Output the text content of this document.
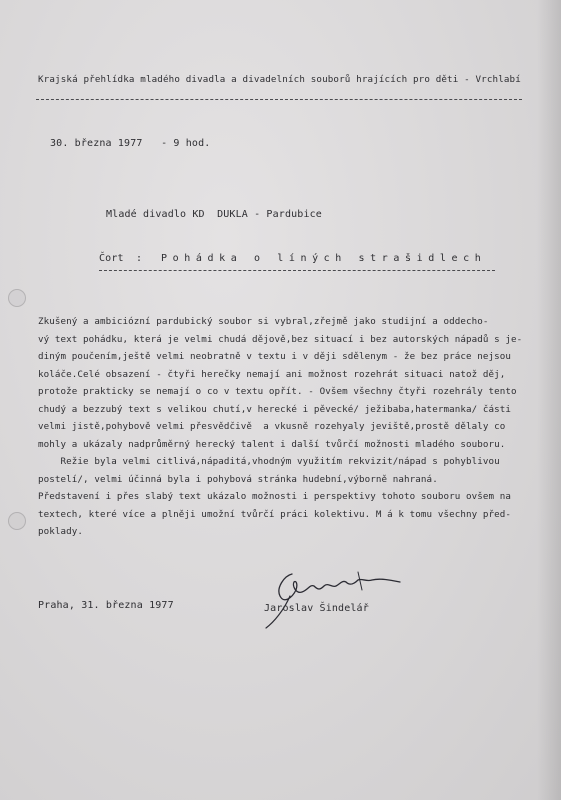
Krajská přehlídka mladého divadla a divadelních souborů hrajících pro děti - Vrchlabí
30. března 1977   - 9 hod.
Mladé divadlo KD  DUKLA - Pardubice
Čort  : Pohádka o líných strašidlech
Zkušený a ambiciózní pardubický soubor si vybral,zřejmě jako studijní a oddecho-
vý text pohádku, která je velmi chudá dějově,bez situací i bez autorských nápadů s je-
diným poučením,ještě velmi neobratně v textu i v ději sdělenym - že bez práce nejsou
koláče.Celé obsazení - čtyři herečky nemají ani možnost rozehrát situaci natož děj,
protože prakticky se nemají o co v textu opřít. - Ovšem všechny čtyři rozehrály tento
chudý a bezzubý text s velikou chutí,v herecké i pěvecké/ ježibaba,hatermanka/ části
velmi jistě,pohybově velmi přesvědčivě  a vkusně rozehyaly jeviště,prostě dělaly co
mohly a ukázaly nadprůměrný herecký talent i další tvůrčí možnosti mladého souboru.
Režie byla velmi citlivá,nápaditá,vhodným využitím rekvizit/nápad s pohyblivou
postelí/, velmi účinná byla i pohybová stránka hudební,výborně nahraná.
Představení i přes slabý text ukázalo možnosti i perspektivy tohoto souboru ovšem na
textech, které více a plněji umožní tvůrčí práci kolektivu. M á k tomu všechny před-
poklady.
Praha, 31. března 1977	Jaroslav Šindelář
